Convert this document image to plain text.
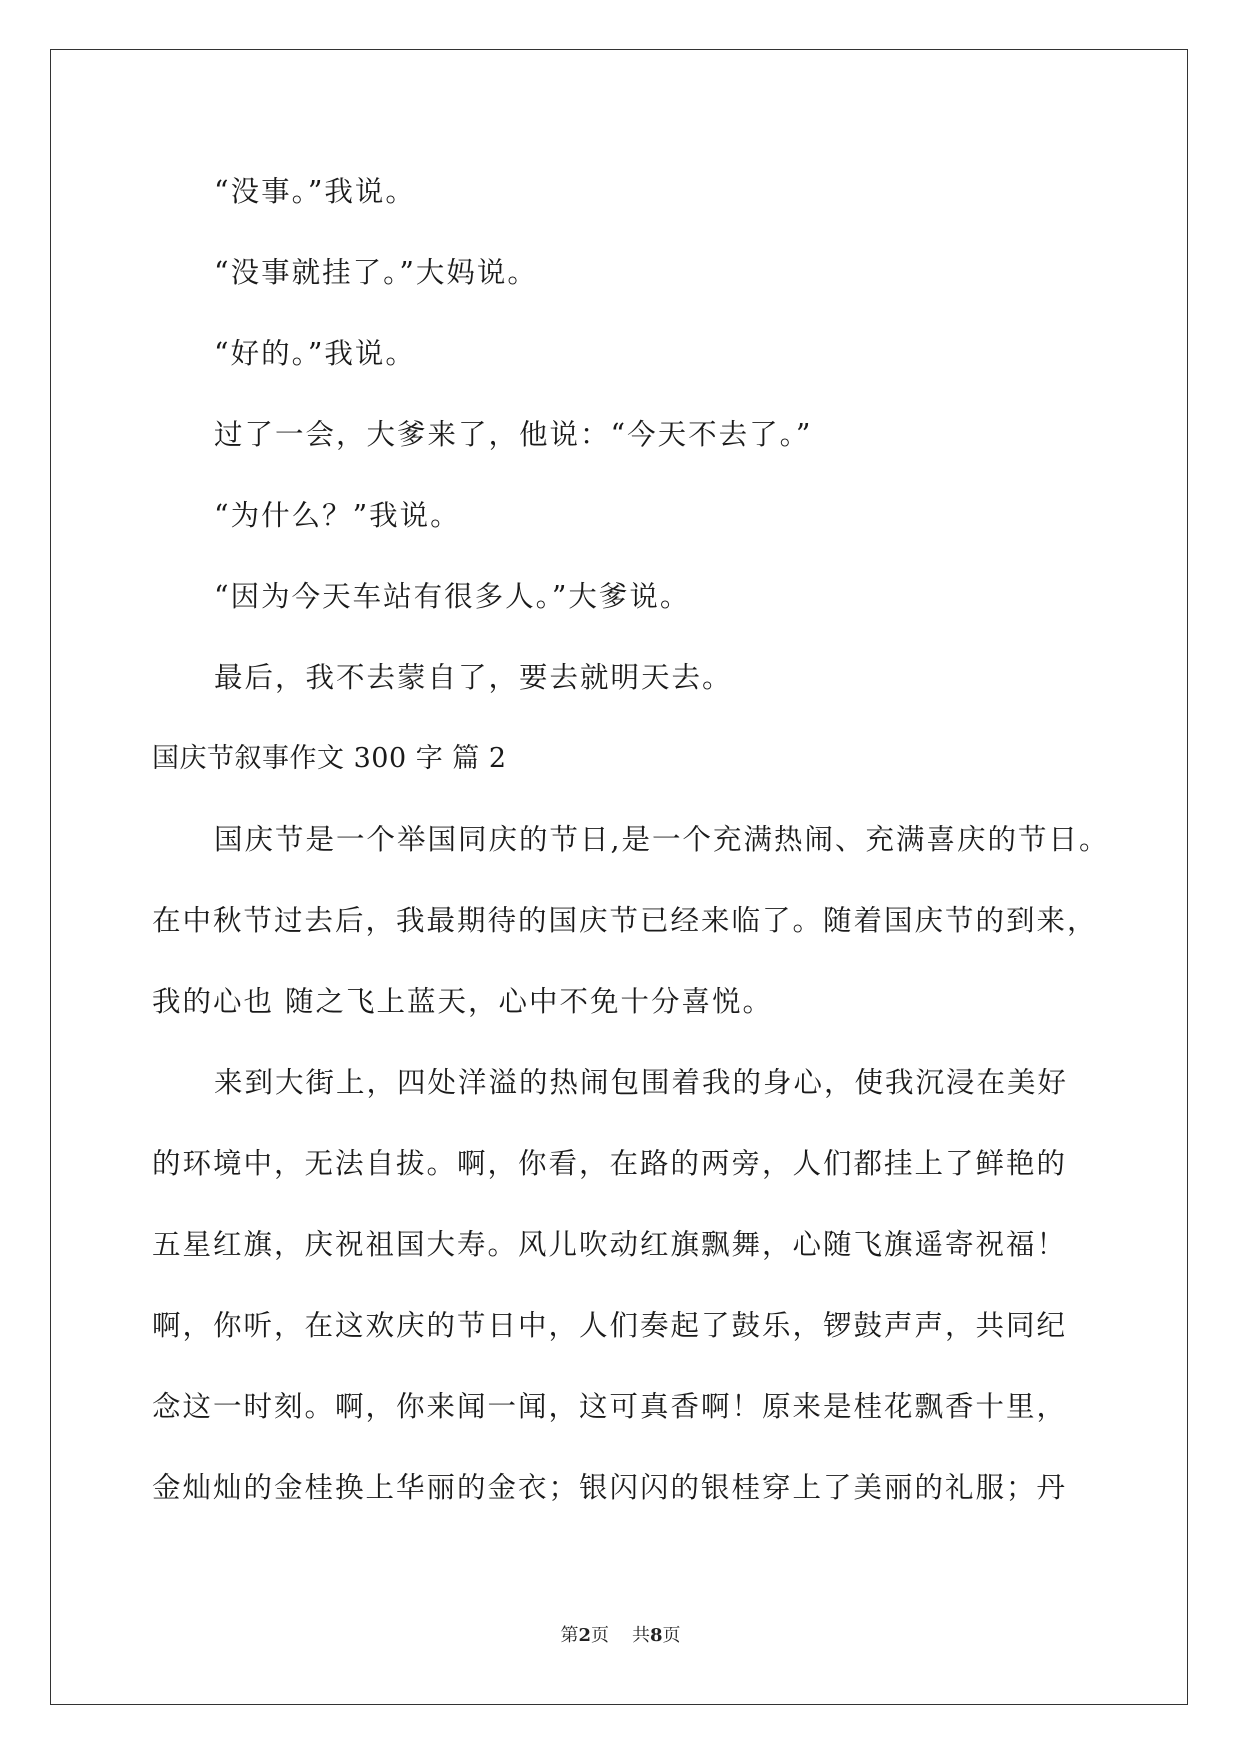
“没事。”我说。
“没事就挂了。”大妈说。
“好的。”我说。
过了一会，大爹来了，他说：“今天不去了。”
“为什么？”我说。
“因为今天车站有很多人。”大爹说。
最后，我不去蒙自了，要去就明天去。
国庆节叙事作文 300 字 篇 2
国庆节是一个举国同庆的节日,是一个充满热闹、充满喜庆的节日。
在中秋节过去后，我最期待的国庆节已经来临了。随着国庆节的到来，
我的心也 随之飞上蓝天，心中不免十分喜悦。
来到大街上，四处洋溢的热闹包围着我的身心，使我沉浸在美好
的环境中，无法自拔。啊，你看，在路的两旁，人们都挂上了鲜艳的
五星红旗，庆祝祖国大寿。风儿吹动红旗飘舞，心随飞旗遥寄祝福！
啊，你听，在这欢庆的节日中，人们奏起了鼓乐，锣鼓声声，共同纪
念这一时刻。啊，你来闻一闻，这可真香啊！原来是桂花飘香十里，
金灿灿的金桂换上华丽的金衣；银闪闪的银桂穿上了美丽的礼服；丹
第2页 共8页
